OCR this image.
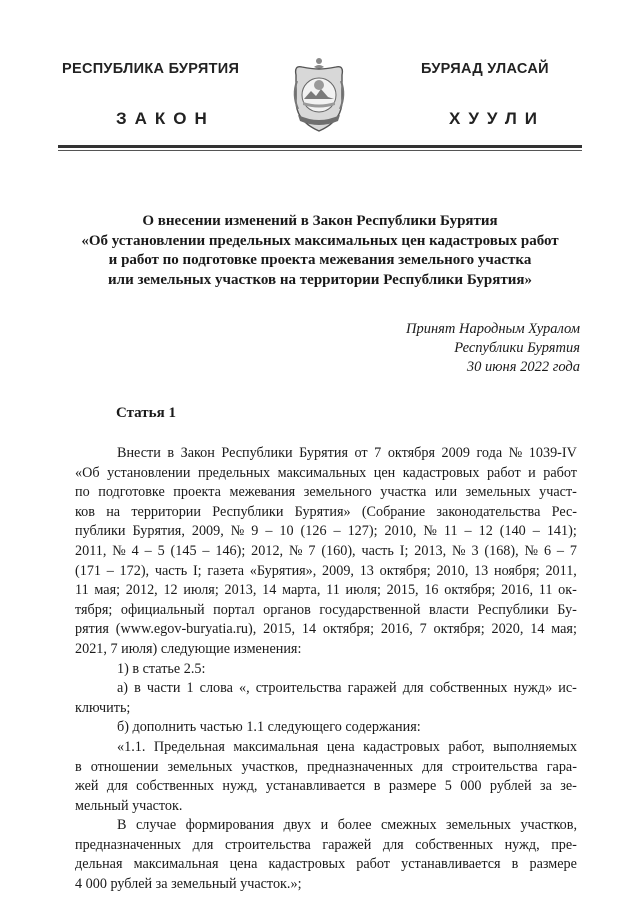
РЕСПУБЛИКА БУРЯТИЯ	БУРЯАД УЛАСАЙ
ЗАКОН	ХУУЛИ
О внесении изменений в Закон Республики Бурятия
«Об установлении предельных максимальных цен кадастровых работ
и работ по подготовке проекта межевания земельного участка
или земельных участков на территории Республики Бурятия»
Принят Народным Хуралом
Республики Бурятия
30 июня 2022 года
Статья 1
Внести в Закон Республики Бурятия от 7 октября 2009 года № 1039-IV
«Об установлении предельных максимальных цен кадастровых работ и работ
по подготовке проекта межевания земельного участка или земельных участ-
ков на территории Республики Бурятия» (Собрание законодательства Рес-
публики Бурятия, 2009, № 9 – 10 (126 – 127); 2010, № 11 – 12 (140 – 141);
2011, № 4 – 5 (145 – 146); 2012, № 7 (160), часть I; 2013, № 3 (168), № 6 – 7
(171 – 172), часть I; газета «Бурятия», 2009, 13 октября; 2010, 13 ноября; 2011,
11 мая; 2012, 12 июля; 2013, 14 марта, 11 июля; 2015, 16 октября; 2016, 11 ок-
тября; официальный портал органов государственной власти Республики Бу-
рятия (www.egov-buryatia.ru), 2015, 14 октября; 2016, 7 октября; 2020, 14 мая;
2021, 7 июля) следующие изменения:
1) в статье 2.5:
а) в части 1 слова «, строительства гаражей для собственных нужд» ис-
ключить;
б) дополнить частью 1.1 следующего содержания:
«1.1. Предельная максимальная цена кадастровых работ, выполняемых
в отношении земельных участков, предназначенных для строительства гара-
жей для собственных нужд, устанавливается в размере 5 000 рублей за зе-
мельный участок.
В случае формирования двух и более смежных земельных участков,
предназначенных для строительства гаражей для собственных нужд, пре-
дельная максимальная цена кадастровых работ устанавливается в размере
4 000 рублей за земельный участок.»;
